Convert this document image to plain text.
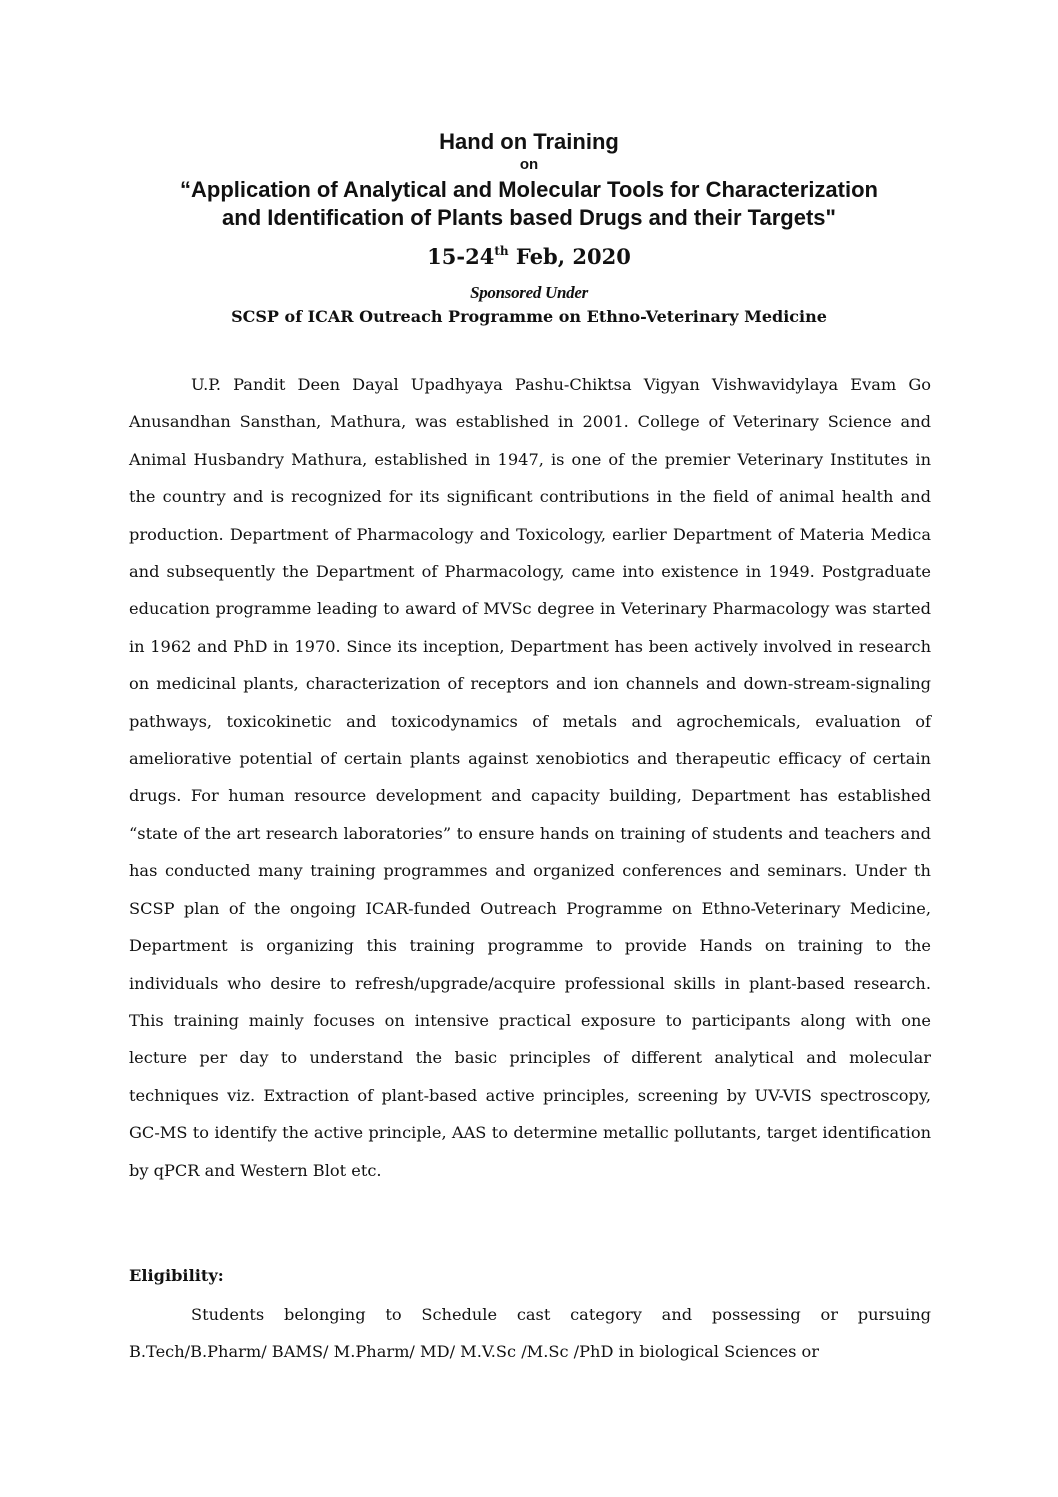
Hand on Training

on

“Application of Analytical and Molecular Tools for Characterization
and Identification of Plants based Drugs and their Targets"

15-24th Feb, 2020

Sponsored Under

SCSP of ICAR Outreach Programme on Ethno-Veterinary Medicine

U.P. Pandit Deen Dayal Upadhyaya Pashu-Chiktsa Vigyan Vishwavidylaya Evam Go Anusandhan Sansthan, Mathura, was established in 2001. College of Veterinary Science and Animal Husbandry Mathura, established in 1947, is one of the premier Veterinary Institutes in the country and is recognized for its significant contributions in the field of animal health and production. Department of Pharmacology and Toxicology, earlier Department of Materia Medica and subsequently the Department of Pharmacology, came into existence in 1949. Postgraduate education programme leading to award of MVSc degree in Veterinary Pharmacology was started in 1962 and PhD in 1970. Since its inception, Department has been actively involved in research on medicinal plants, characterization of receptors and ion channels and down-stream-signaling pathways, toxicokinetic and toxicodynamics of metals and agrochemicals, evaluation of ameliorative potential of certain plants against xenobiotics and therapeutic efficacy of certain drugs. For human resource development and capacity building, Department has established “state of the art research laboratories” to ensure hands on training of students and teachers and has conducted many training programmes and organized conferences and seminars. Under th SCSP plan of the ongoing ICAR-funded Outreach Programme on Ethno-Veterinary Medicine, Department is organizing this training programme to provide Hands on training to the individuals who desire to refresh/upgrade/acquire professional skills in plant-based research. This training mainly focuses on intensive practical exposure to participants along with one lecture per day to understand the basic principles of different analytical and molecular techniques viz. Extraction of plant-based active principles, screening by UV-VIS spectroscopy, GC-MS to identify the active principle, AAS to determine metallic pollutants, target identification by qPCR and Western Blot etc.

Eligibility:

Students belonging to Schedule cast category and possessing or pursuing B.Tech/B.Pharm/ BAMS/ M.Pharm/ MD/ M.V.Sc /M.Sc /PhD in biological Sciences or
